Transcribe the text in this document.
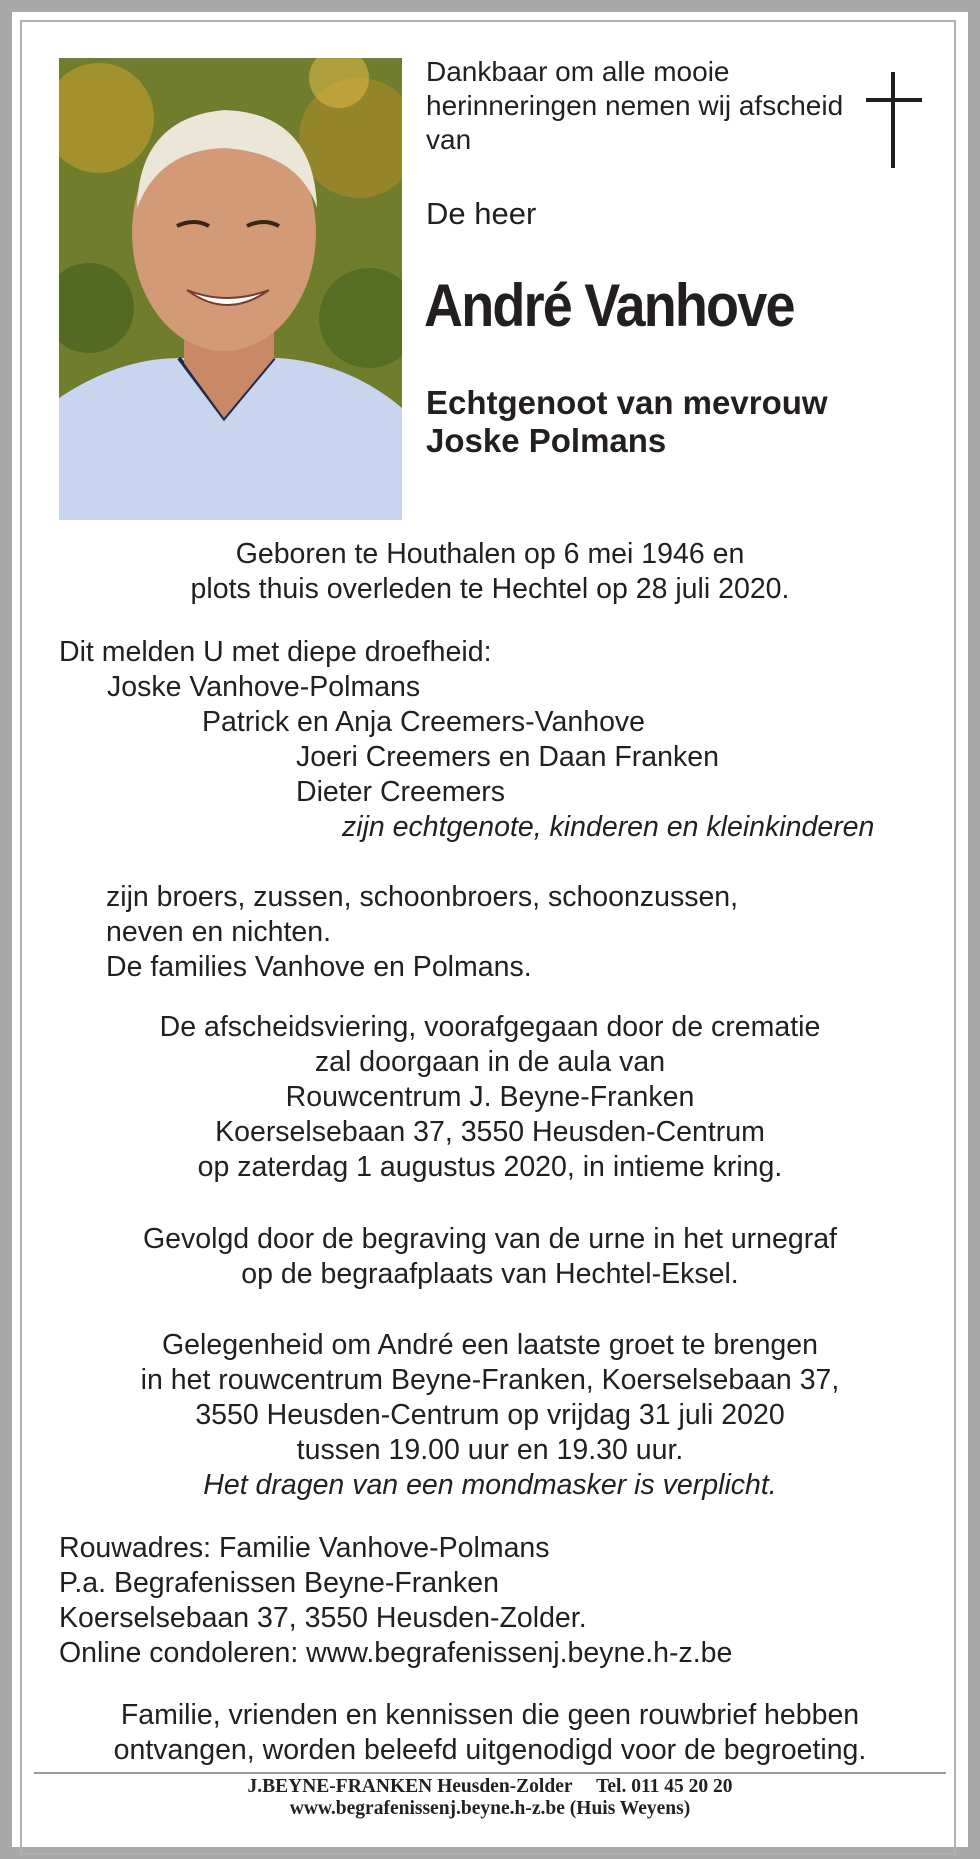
Dankbaar om alle mooie herinneringen nemen wij afscheid van
De heer
André Vanhove
Echtgenoot van mevrouw
Joske Polmans
Geboren te Houthalen op 6 mei 1946 en
plots thuis overleden te Hechtel op 28 juli 2020.
Dit melden U met diepe droefheid:
Joske Vanhove-Polmans
Patrick en Anja Creemers-Vanhove
Joeri Creemers en Daan Franken
Dieter Creemers
zijn echtgenote, kinderen en kleinkinderen
zijn broers, zussen, schoonbroers, schoonzussen,
neven en nichten.
De families Vanhove en Polmans.
De afscheidsviering, voorafgegaan door de crematie
zal doorgaan in de aula van
Rouwcentrum J. Beyne-Franken
Koerselsebaan 37, 3550 Heusden-Centrum
op zaterdag 1 augustus 2020, in intieme kring.
Gevolgd door de begraving van de urne in het urnegraf
op de begraafplaats van Hechtel-Eksel.
Gelegenheid om André een laatste groet te brengen
in het rouwcentrum Beyne-Franken, Koerselsebaan 37,
3550 Heusden-Centrum op vrijdag 31 juli 2020
tussen 19.00 uur en 19.30 uur.
Het dragen van een mondmasker is verplicht.
Rouwadres: Familie Vanhove-Polmans
P.a. Begrafenissen Beyne-Franken
Koerselsebaan 37, 3550 Heusden-Zolder.
Online condoleren: www.begrafenissenj.beyne.h-z.be
Familie, vrienden en kennissen die geen rouwbrief hebben
ontvangen, worden beleefd uitgenodigd voor de begroeting.
J.BEYNE-FRANKEN Heusden-Zolder     Tel. 011 45 20 20
www.begrafenissenj.beyne.h-z.be (Huis Weyens)
